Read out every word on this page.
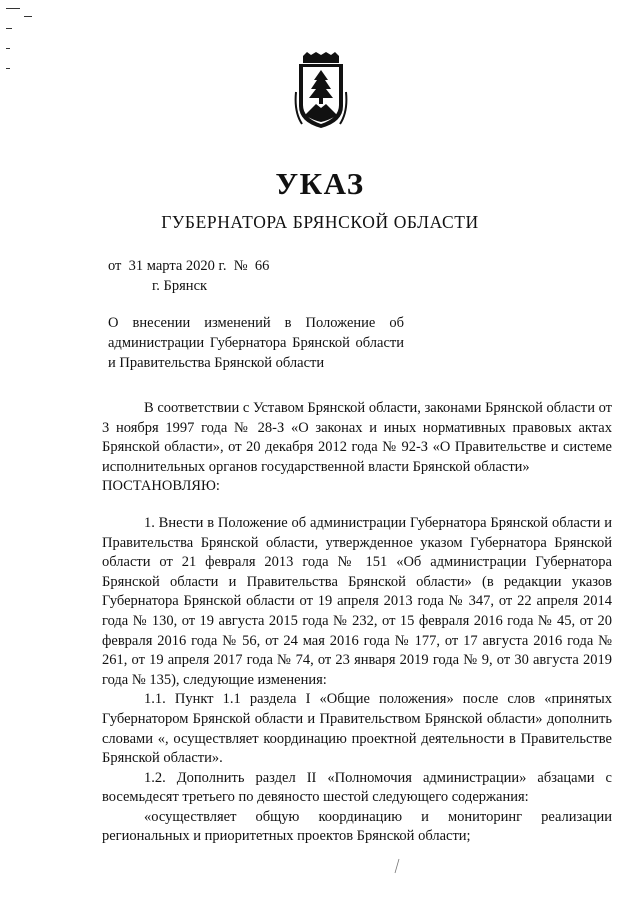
УКАЗ
ГУБЕРНАТОРА БРЯНСКОЙ ОБЛАСТИ
от  31 марта 2020 г.  №  66
г. Брянск
О внесении изменений в Положение об администрации Губернатора Брянской области и Правительства Брянской области

В соответствии с Уставом Брянской области, законами Брянской области от 3 ноября 1997 года № 28-З «О законах и иных нормативных правовых актах Брянской области», от 20 декабря 2012 года № 92-З «О Правительстве и системе исполнительных органов государственной власти Брянской области»

ПОСТАНОВЛЯЮ:

1. Внести в Положение об администрации Губернатора Брянской области и Правительства Брянской области, утвержденное указом Губернатора Брянской области от 21 февраля 2013 года № 151 «Об администрации Губернатора Брянской области и Правительства Брянской области» (в редакции указов Губернатора Брянской области от 19 апреля 2013 года № 347, от 22 апреля 2014 года № 130, от 19 августа 2015 года № 232, от 15 февраля 2016 года № 45, от 20 февраля 2016 года № 56, от 24 мая 2016 года № 177, от 17 августа 2016 года № 261, от 19 апреля 2017 года № 74, от 23 января 2019 года № 9, от 30 августа 2019 года № 135), следующие изменения:

1.1. Пункт 1.1 раздела I «Общие положения» после слов «принятых Губернатором Брянской области и Правительством Брянской области» дополнить словами «, осуществляет координацию проектной деятельности в Правительстве Брянской области».

1.2. Дополнить раздел II «Полномочия администрации» абзацами с восемьдесят третьего по девяносто шестой следующего содержания:

«осуществляет общую координацию и мониторинг реализации региональных и приоритетных проектов Брянской области;
